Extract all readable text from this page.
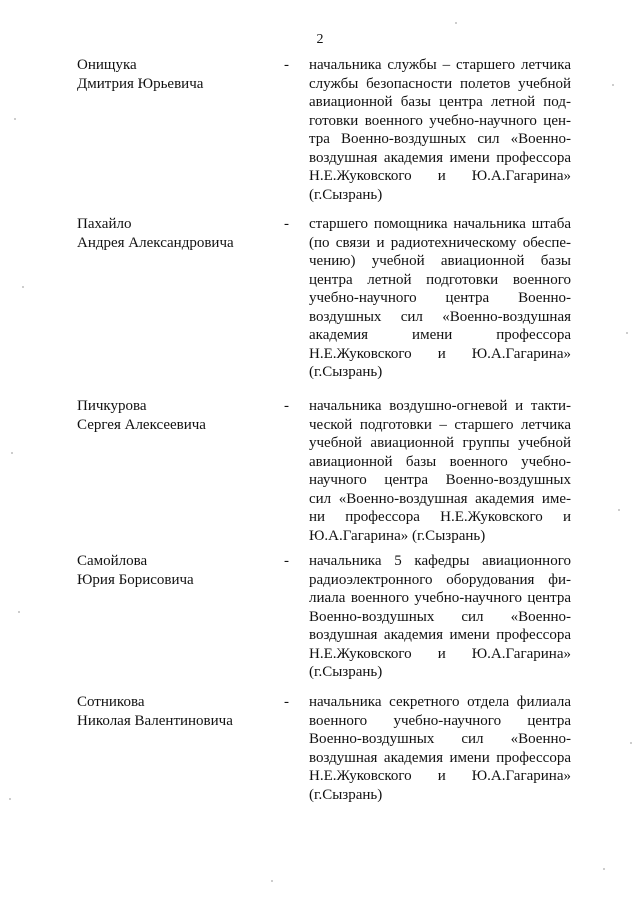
2
Онищука
Дмитрия Юрьевича
- начальника службы – старшего летчика
службы безопасности полетов учебной
авиационной базы центра летной под-
готовки военного учебно-научного цен-
тра Военно-воздушных сил «Военно-
воздушная академия имени профессора
Н.Е.Жуковского и Ю.А.Гагарина»
(г.Сызрань)
Пахайло
Андрея Александровича
- старшего помощника начальника штаба
(по связи и радиотехническому обеспе-
чению) учебной авиационной базы
центра летной подготовки военного
учебно-научного центра Военно-
воздушных сил «Военно-воздушная
академия имени профессора
Н.Е.Жуковского и Ю.А.Гагарина»
(г.Сызрань)
Пичкурова
Сергея Алексеевича
- начальника воздушно-огневой и такти-
ческой подготовки – старшего летчика
учебной авиационной группы учебной
авиационной базы военного учебно-
научного центра Военно-воздушных
сил «Военно-воздушная академия име-
ни профессора Н.Е.Жуковского и
Ю.А.Гагарина» (г.Сызрань)
Самойлова
Юрия Борисовича
- начальника 5 кафедры авиационного
радиоэлектронного оборудования фи-
лиала военного учебно-научного центра
Военно-воздушных сил «Военно-
воздушная академия имени профессора
Н.Е.Жуковского и Ю.А.Гагарина»
(г.Сызрань)
Сотникова
Николая Валентиновича
- начальника секретного отдела филиала
военного учебно-научного центра
Военно-воздушных сил «Военно-
воздушная академия имени профессора
Н.Е.Жуковского и Ю.А.Гагарина»
(г.Сызрань)
